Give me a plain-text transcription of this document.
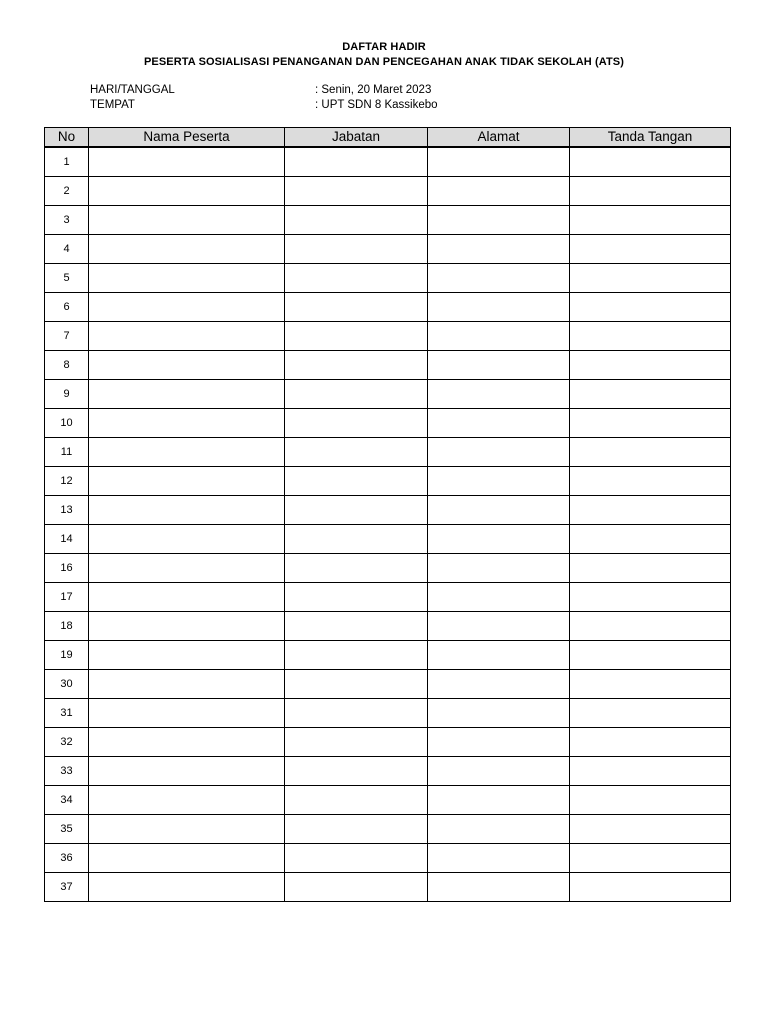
DAFTAR HADIR
PESERTA SOSIALISASI PENANGANAN DAN PENCEGAHAN ANAK TIDAK SEKOLAH (ATS)
HARI/TANGGAL	: Senin, 20 Maret 2023
TEMPAT	: UPT SDN 8 Kassikebo
No	Nama Peserta	Jabatan	Alamat	Tanda Tangan
1				
2				
3				
4				
5				
6				
7				
8				
9				
10				
11				
12				
13				
14				
16				
17				
18				
19				
30				
31				
32				
33				
34				
35				
36				
37				
